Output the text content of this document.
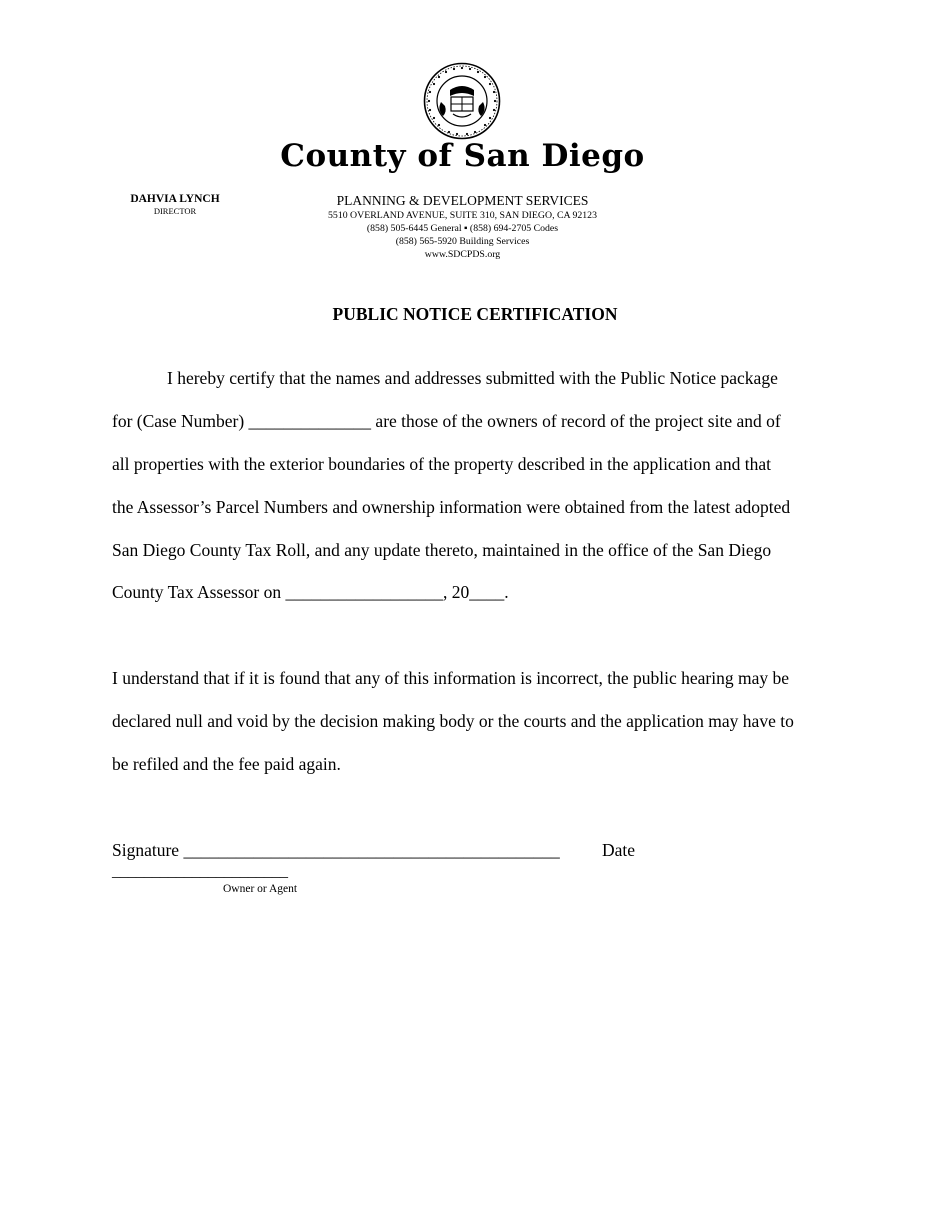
County of San Diego
DAHVIA LYNCH
DIRECTOR
PLANNING & DEVELOPMENT SERVICES
5510 OVERLAND AVENUE, SUITE 310, SAN DIEGO, CA 92123
(858) 505-6445 General ▪ (858) 694-2705 Codes
(858) 565-5920 Building Services
www.SDCPDS.org
PUBLIC NOTICE CERTIFICATION
I hereby certify that the names and addresses submitted with the Public Notice package
for (Case Number) ______________ are those of the owners of record of the project site and of
all properties with the exterior boundaries of the property described in the application and that
the Assessor’s Parcel Numbers and ownership information were obtained from the latest adopted
San Diego County Tax Roll, and any update thereto, maintained in the office of the San Diego
County Tax Assessor on __________________, 20____.
I understand that if it is found that any of this information is incorrect, the public hearing may be
declared null and void by the decision making body or the courts and the application may have to
be refiled and the fee paid again.
Signature ___________________________________________ Date
______________________
Owner or Agent
